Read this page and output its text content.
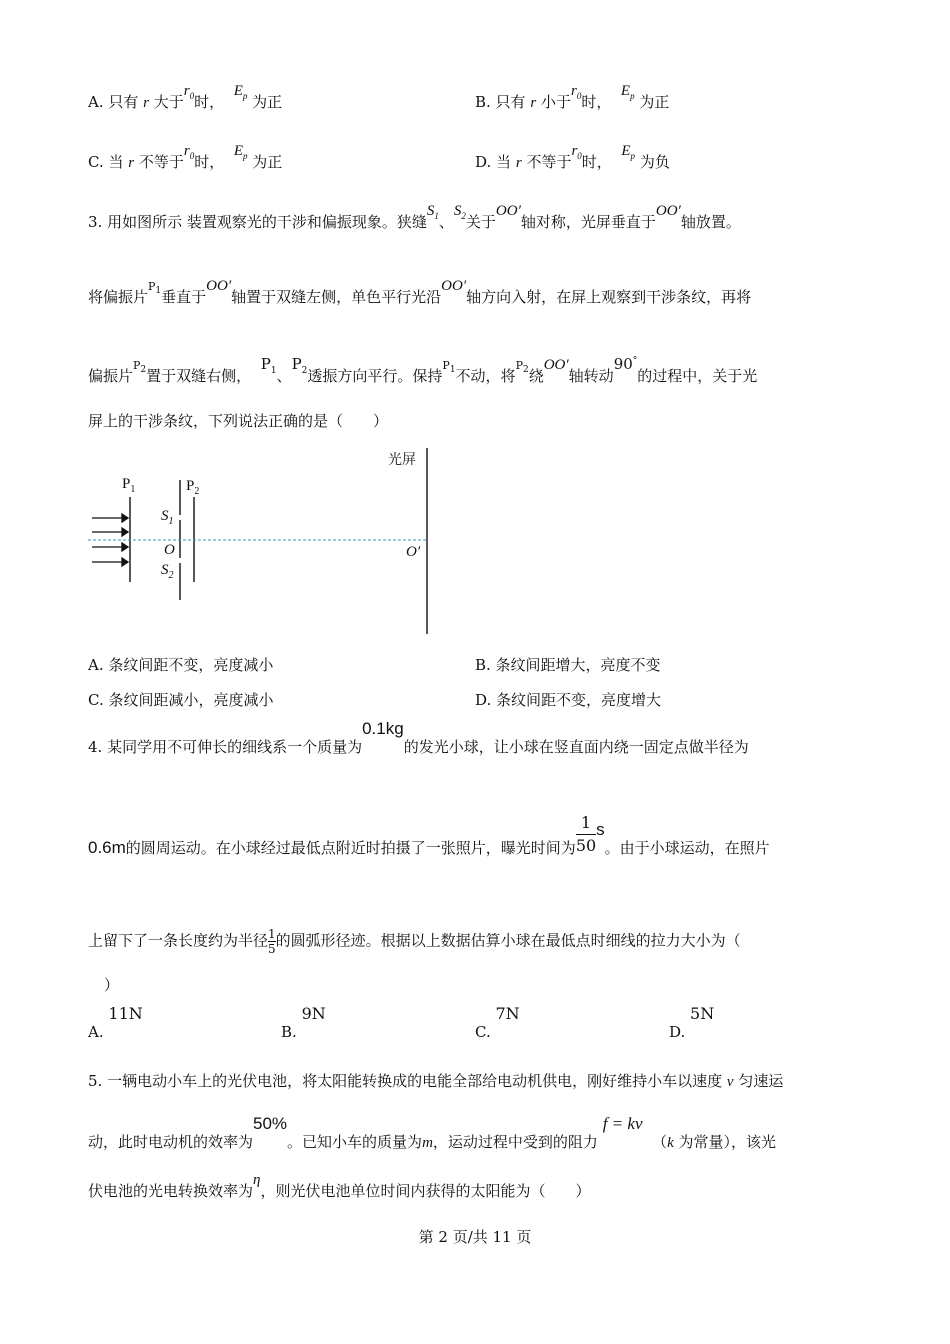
A. 只有 r 大于$r_0$时，  $E_p$ 为正	B. 只有 r 小于$r_0$时，  $E_p$ 为正
C. 当 r 不等于$r_0$时，  $E_p$ 为正	D. 当 r 不等于$r_0$时，  $E_p$ 为负
3. 用如图所示 装置观察光的干涉和偏振现象。狭缝$S_1$、$S_2$关于OO′轴对称，光屏垂直于OO′轴放置。
将偏振片$^{P_1}$垂直于OO′轴置于双缝左侧，单色平行光沿OO′轴方向入射，在屏上观察到干涉条纹，再将
偏振片$^{P_2}$置于双缝右侧，  $P_1$、$P_2$透振方向平行。保持$^{P_1}$不动，将$^{P_2}$绕OO′轴转动90°的过程中，关于光
屏上的干涉条纹，下列说法正确的是（　　）
光屏
$P_1$	$P_2$
$S_1$
O
$S_2$
O′
A. 条纹间距不变，亮度减小	B. 条纹间距增大，亮度不变
C. 条纹间距减小，亮度减小	D. 条纹间距不变，亮度增大
4. 某同学用不可伸长的细线系一个质量为0.1kg的发光小球，让小球在竖直面内绕一固定点做半径为
0.6m的圆周运动。在小球经过最低点附近时拍摄了一张照片，曝光时间为 $\frac{1}{50}$ s。由于小球运动，在照片
上留下了一条长度约为半径 $\frac{1}{5}$ 的圆弧形径迹。根据以上数据估算小球在最低点时细线的拉力大小为（
）
A. 11N
B. 9N
C. 7N
D. 5N
5. 一辆电动小车上的光伏电池，将太阳能转换成的电能全部给电动机供电，刚好维持小车以速度 v 匀速运
动，此时电动机的效率为50%。已知小车的质量为m，运动过程中受到的阻力 f = kv  （k 为常量），该光
伏电池的光电转换效率为η，则光伏电池单位时间内获得的太阳能为（　　）
第 2 页/共 11 页
